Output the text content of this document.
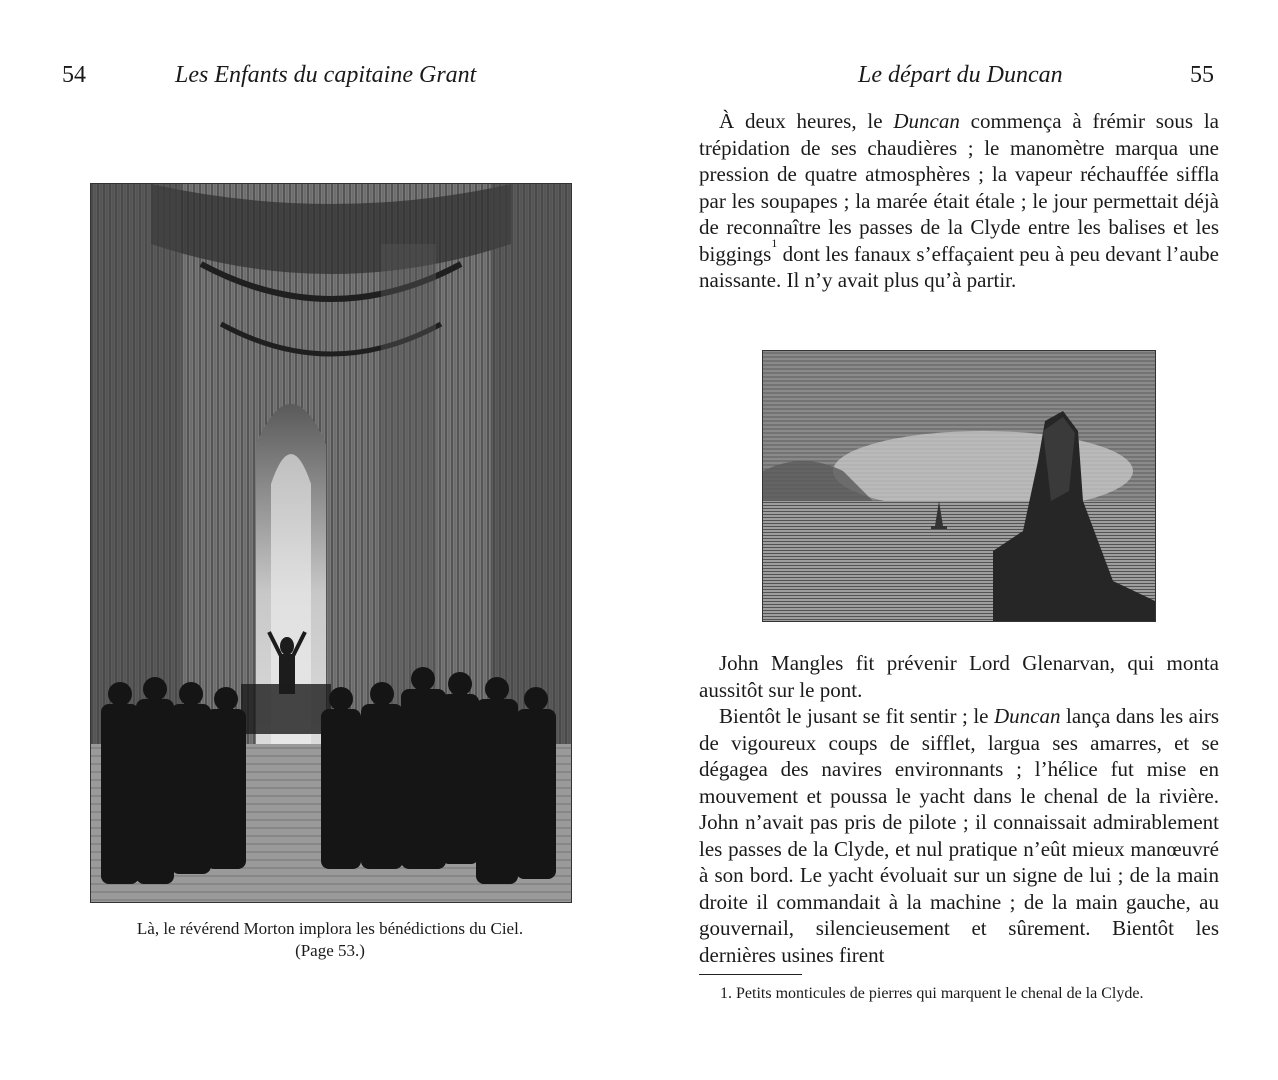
54	Les Enfants du capitaine Grant
Là, le révérend Morton implora les bénédictions du Ciel.
(Page 53.)
Le départ du Duncan	55
À deux heures, le Duncan commença à frémir sous la trépidation de ses chaudières ; le manomètre marqua une pression de quatre atmosphères ; la vapeur réchauffée siffla par les soupapes ; la marée était étale ; le jour permettait déjà de reconnaître les passes de la Clyde entre les balises et les biggings$^1$ dont les fanaux s’effaçaient peu à peu devant l’aube naissante. Il n’y avait plus qu’à partir.
John Mangles fit prévenir Lord Glenarvan, qui monta aussitôt sur le pont.
Bientôt le jusant se fit sentir ; le Duncan lança dans les airs de vigoureux coups de sifflet, largua ses amarres, et se dégagea des navires environnants ; l’hélice fut mise en mouvement et poussa le yacht dans le chenal de la rivière. John n’avait pas pris de pilote ; il connaissait admirablement les passes de la Clyde, et nul pratique n’eût mieux manœuvré à son bord. Le yacht évoluait sur un signe de lui ; de la main droite il commandait à la machine ; de la main gauche, au gouvernail, silencieusement et sûrement. Bientôt les dernières usines firent
1. Petits monticules de pierres qui marquent le chenal de la Clyde.
